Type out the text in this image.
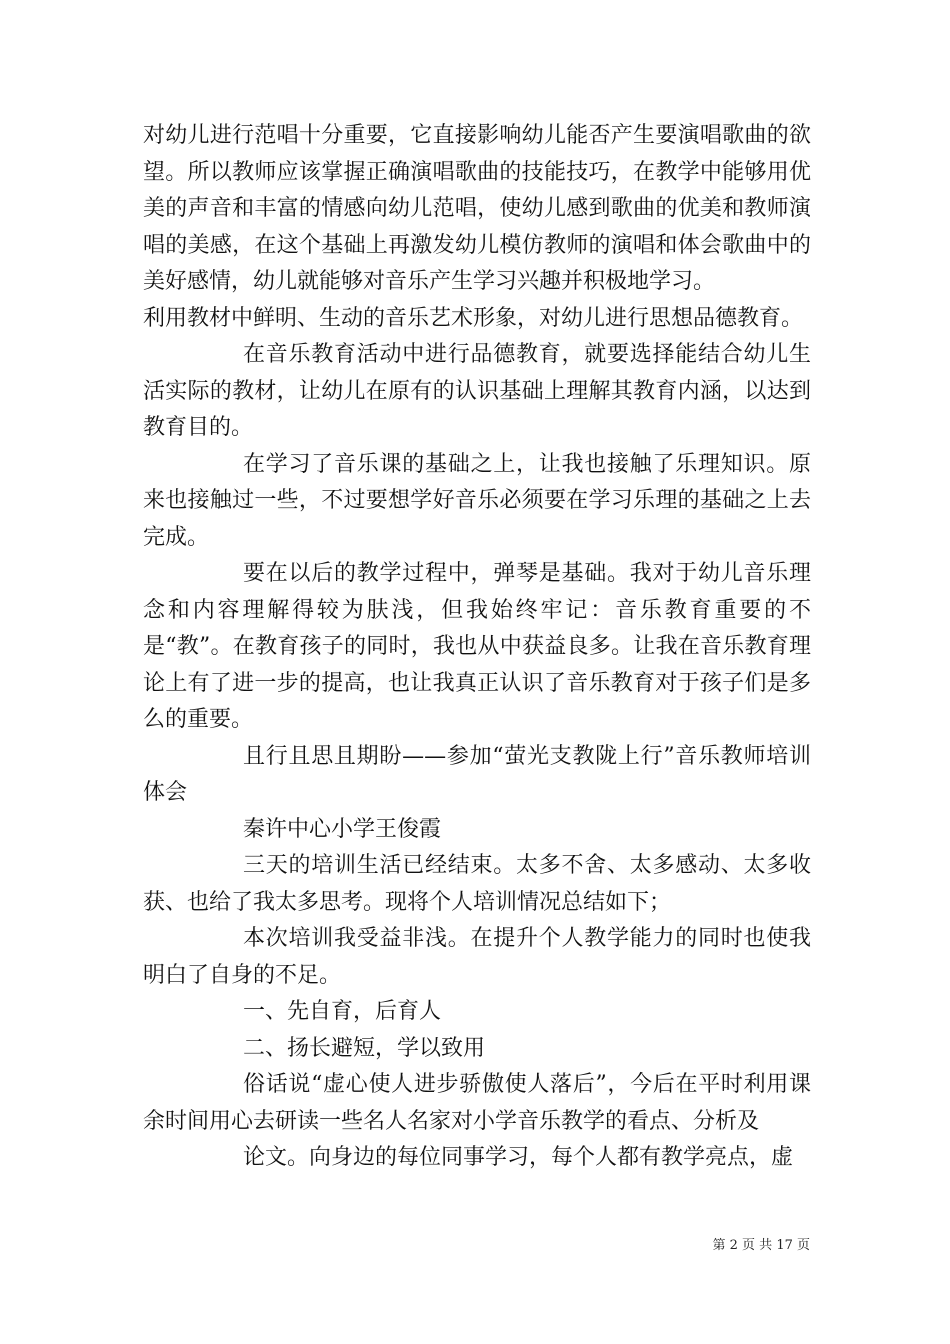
对幼儿进行范唱十分重要，它直接影响幼儿能否产生要演唱歌曲的欲望。所以教师应该掌握正确演唱歌曲的技能技巧，在教学中能够用优美的声音和丰富的情感向幼儿范唱，使幼儿感到歌曲的优美和教师演唱的美感，在这个基础上再激发幼儿模仿教师的演唱和体会歌曲中的美好感情，幼儿就能够对音乐产生学习兴趣并积极地学习。

利用教材中鲜明、生动的音乐艺术形象，对幼儿进行思想品德教育。

在音乐教育活动中进行品德教育，就要选择能结合幼儿生活实际的教材，让幼儿在原有的认识基础上理解其教育内涵，以达到教育目的。

在学习了音乐课的基础之上，让我也接触了乐理知识。原来也接触过一些，不过要想学好音乐必须要在学习乐理的基础之上去完成。

要在以后的教学过程中，弹琴是基础。我对于幼儿音乐理念和内容理解得较为肤浅，但我始终牢记：音乐教育重要的不是“教”。在教育孩子的同时，我也从中获益良多。让我在音乐教育理论上有了进一步的提高，也让我真正认识了音乐教育对于孩子们是多么的重要。

且行且思且期盼——参加“萤光支教陇上行”音乐教师培训体会

秦许中心小学王俊霞

三天的培训生活已经结束。太多不舍、太多感动、太多收获、也给了我太多思考。现将个人培训情况总结如下；

本次培训我受益非浅。在提升个人教学能力的同时也使我明白了自身的不足。

一、先自育，后育人

二、扬长避短，学以致用

俗话说“虚心使人进步骄傲使人落后”，今后在平时利用课余时间用心去研读一些名人名家对小学音乐教学的看点、分析及

论文。向身边的每位同事学习，每个人都有教学亮点，虚

第 2 页 共 17 页
